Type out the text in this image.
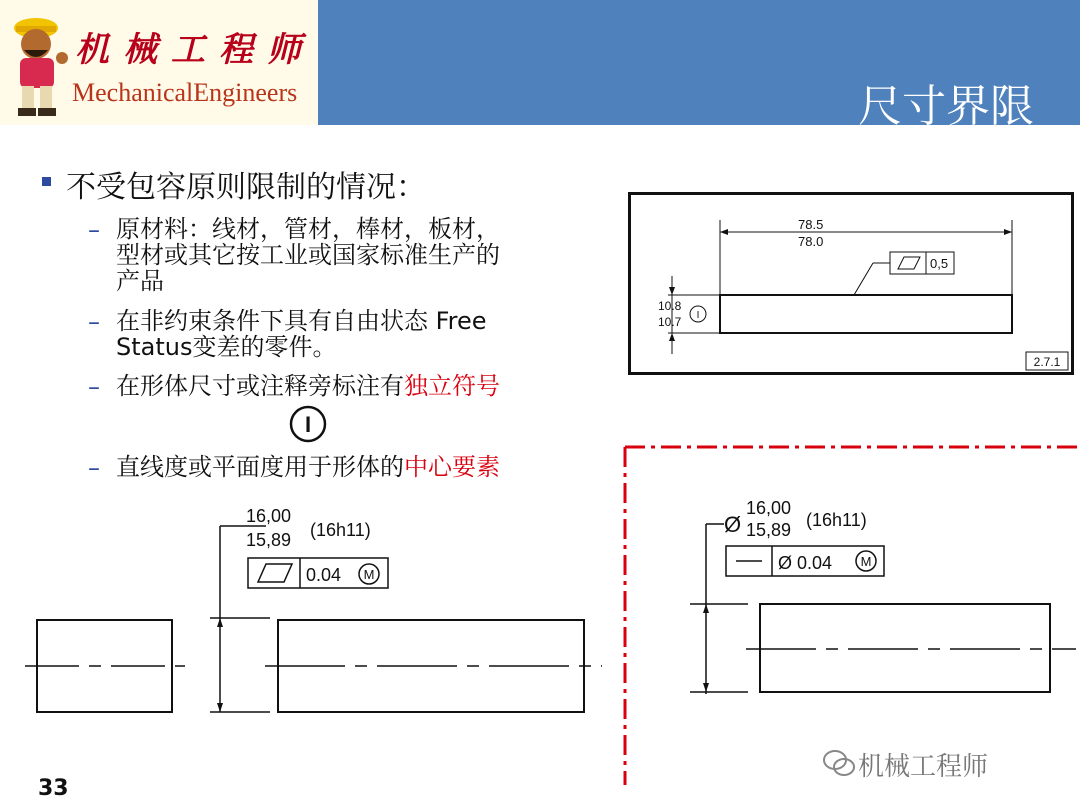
机械工程师
MechanicalEngineers	尺寸界限
不受包容原则限制的情况：
– 原材料：线材，管材，棒材，板材，
型材或其它按工业或国家标准生产的
产品
– 在非约束条件下具有自由状态 Free
Status变差的零件。
– 在形体尺寸或注释旁标注有独立符号
I
– 直线度或平面度用于形体的中心要素
78.5
78.0
0,5
10.8
10.7 I
2.7.1
16,00
15,89 (16h11)
0.04 M
Ø
16,00
15,89 (16h11)
Ø 0.04 M
33
机械工程师
